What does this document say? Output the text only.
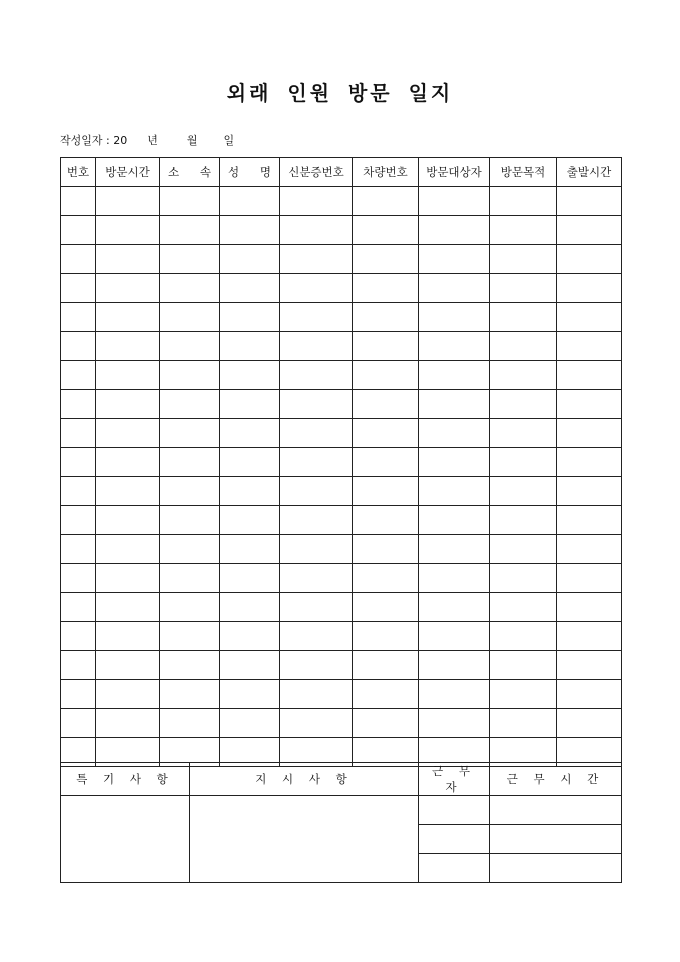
외래 인원 방문 일지
작성일자 : 20 년	월 일
번호	방문시간	소 속	성 명	신분증번호	차량번호	방문대상자	방문목적	출발시간

특 기 사 항	지 시 사 항	근 무 자	근 무 시 간
